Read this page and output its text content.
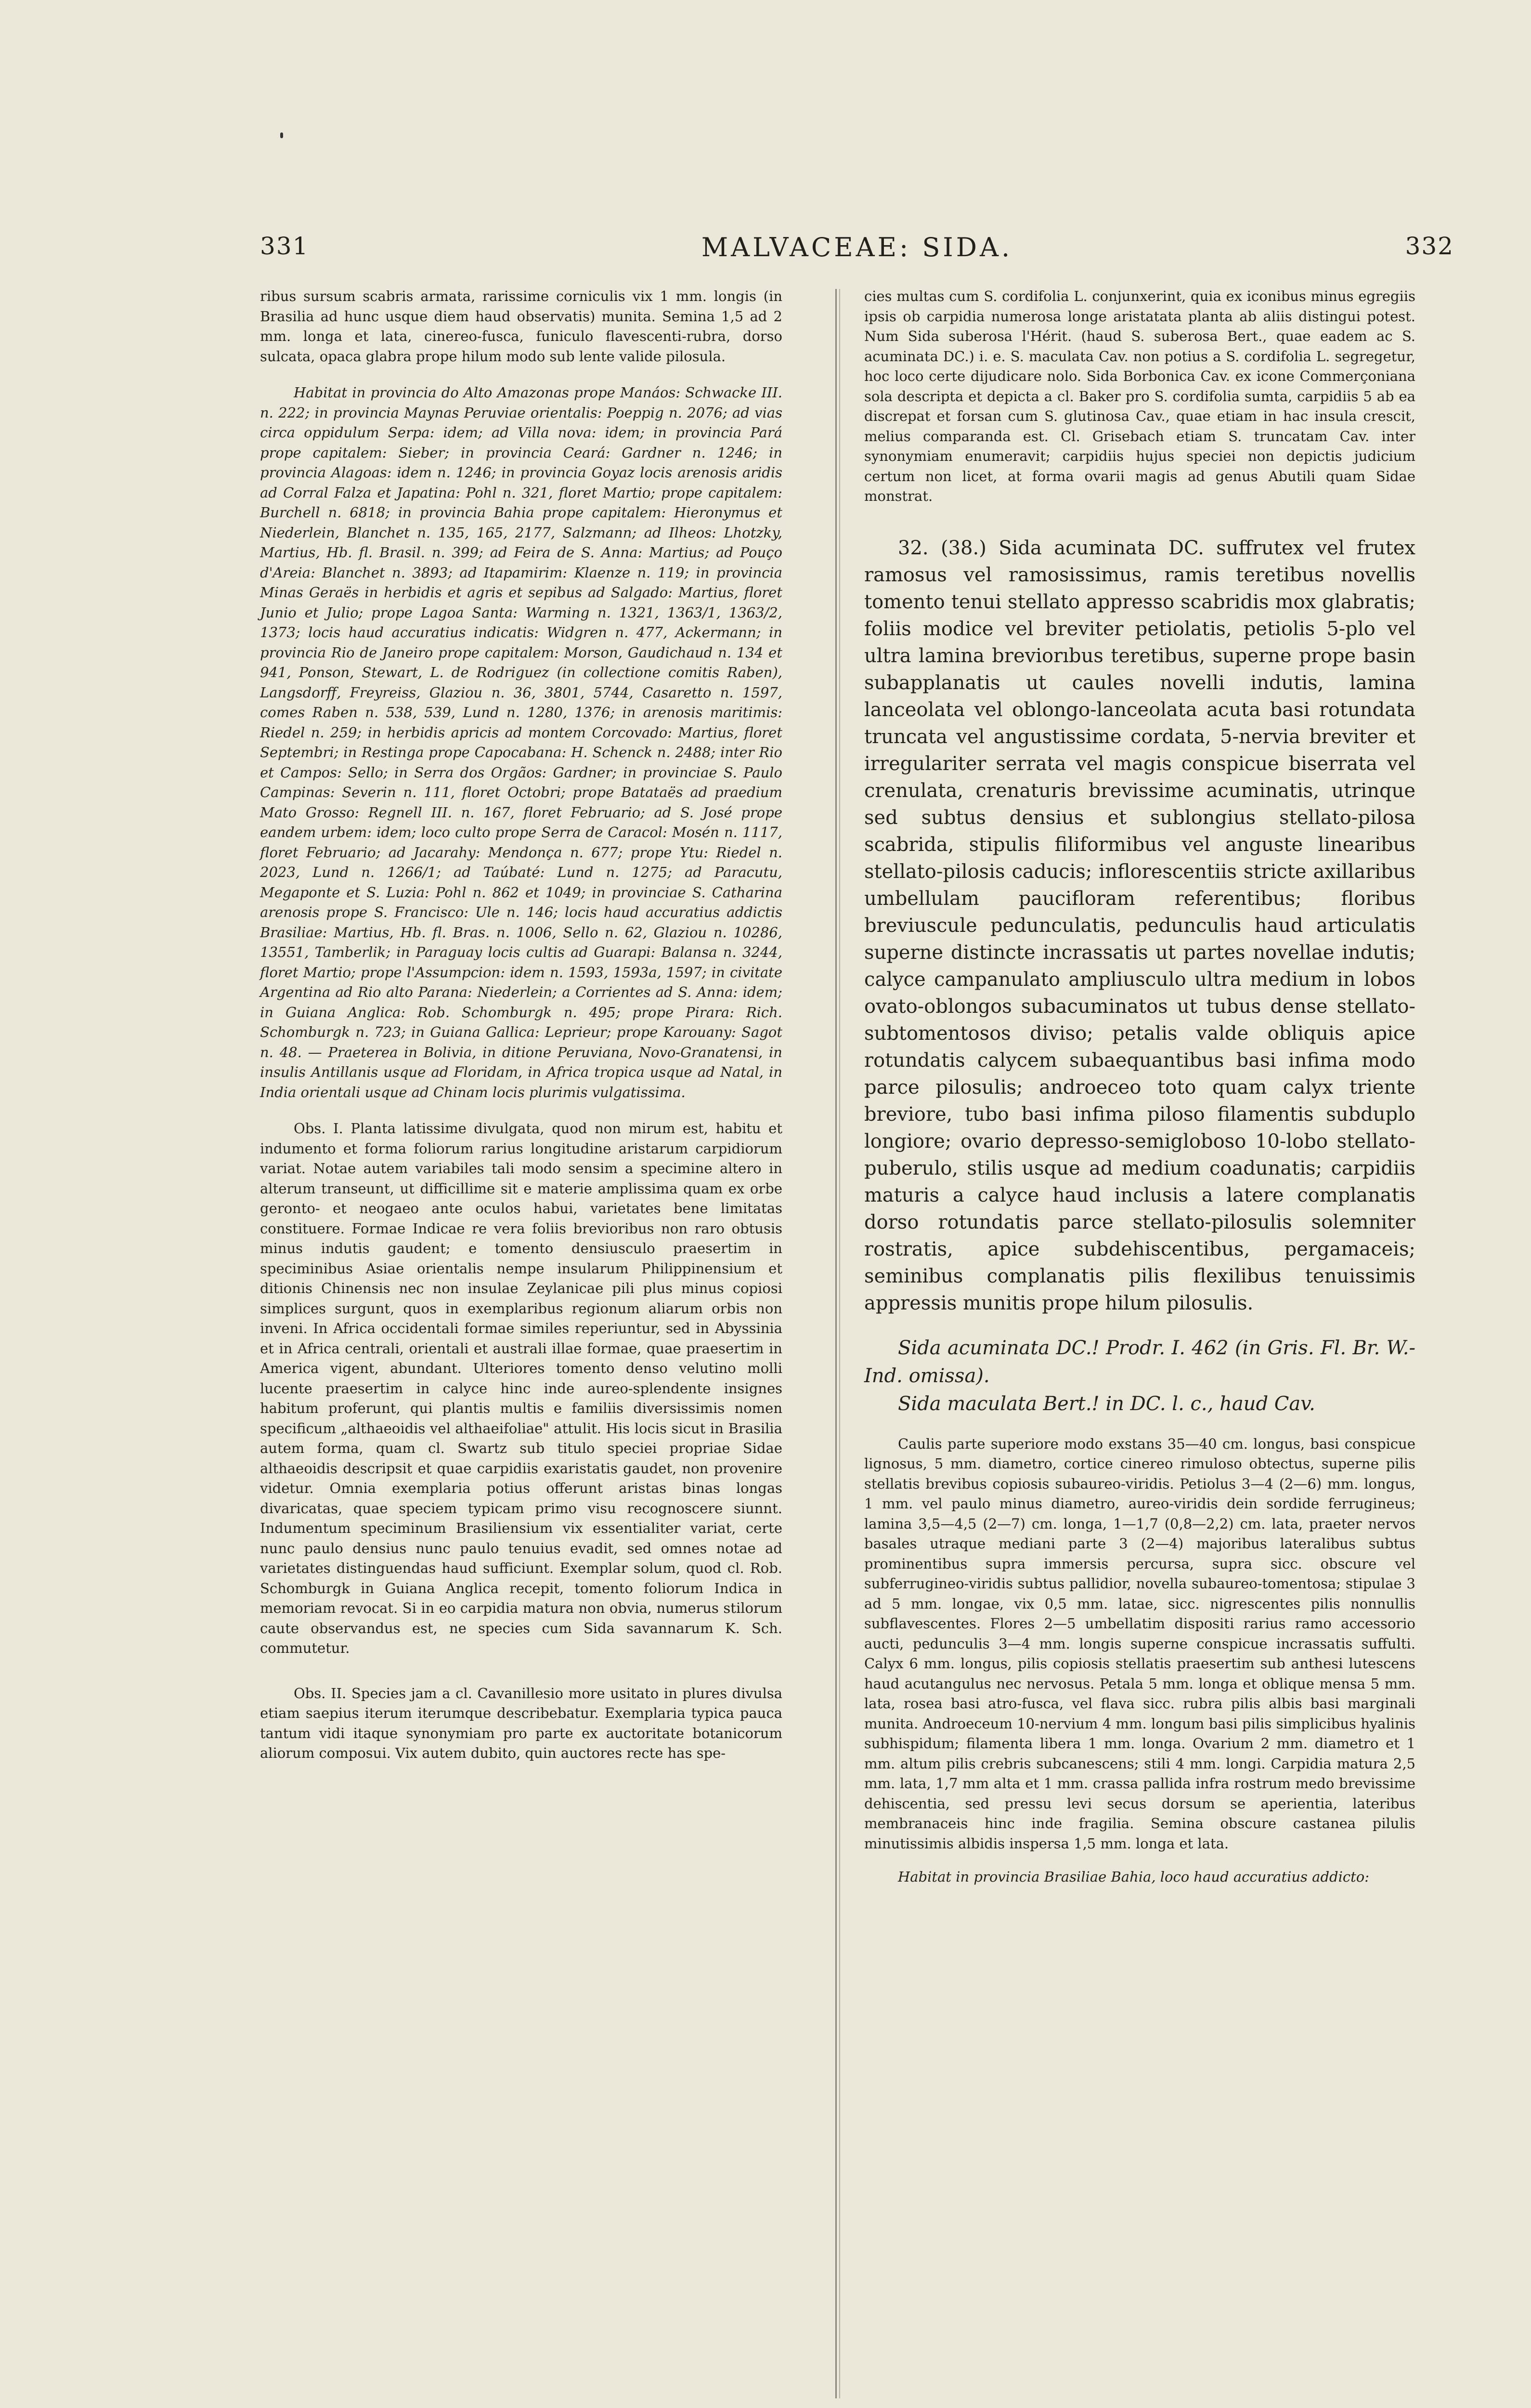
331	MALVACEAE: SIDA.	332

ribus sursum scabris armata, rarissime corniculis vix 1 mm. longis (in Brasilia ad hunc usque diem haud observatis) munita. Semina 1,5 ad 2 mm. longa et lata, cinereo-fusca, funiculo flavescenti-rubra, dorso sulcata, opaca glabra prope hilum modo sub lente valide pilosula.

Habitat in provincia do Alto Amazonas prope Manáos: Schwacke III. n. 222; in provincia Maynas Peruviae orientalis: Poeppig n. 2076; ad vias circa oppidulum Serpa: idem; ad Villa nova: idem; in provincia Pará prope capitalem: Sieber; in provincia Ceará: Gardner n. 1246; in provincia Alagoas: idem n. 1246; in provincia Goyaz locis arenosis aridis ad Corral Falza et Japatina: Pohl n. 321, floret Martio; prope capitalem: Burchell n. 6818; in provincia Bahia prope capitalem: Hieronymus et Niederlein, Blanchet n. 135, 165, 2177, Salzmann; ad Ilheos: Lhotzky, Martius, Hb. fl. Brasil. n. 399; ad Feira de S. Anna: Martius; ad Pouço d'Areia: Blanchet n. 3893; ad Itapamirim: Klaenze n. 119; in provincia Minas Geraës in herbidis et agris et sepibus ad Salgado: Martius, floret Junio et Julio; prope Lagoa Santa: Warming n. 1321, 1363/1, 1363/2, 1373; locis haud accuratius indicatis: Widgren n. 477, Ackermann; in provincia Rio de Janeiro prope capitalem: Morson, Gaudichaud n. 134 et 941, Ponson, Stewart, L. de Rodriguez (in collectione comitis Raben), Langsdorff, Freyreiss, Glaziou n. 36, 3801, 5744, Casaretto n. 1597, comes Raben n. 538, 539, Lund n. 1280, 1376; in arenosis maritimis: Riedel n. 259; in herbidis apricis ad montem Corcovado: Martius, floret Septembri; in Restinga prope Capocabana: H. Schenck n. 2488; inter Rio et Campos: Sello; in Serra dos Orgãos: Gardner; in provinciae S. Paulo Campinas: Severin n. 111, floret Octobri; prope Batataës ad praedium Mato Grosso: Regnell III. n. 167, floret Februario; ad S. José prope eandem urbem: idem; loco culto prope Serra de Caracol: Mosén n. 1117, floret Februario; ad Jacarahy: Mendonça n. 677; prope Ytu: Riedel n. 2023, Lund n. 1266/1; ad Taúbaté: Lund n. 1275; ad Paracutu, Megaponte et S. Luzia: Pohl n. 862 et 1049; in provinciae S. Catharina arenosis prope S. Francisco: Ule n. 146; locis haud accuratius addictis Brasiliae: Martius, Hb. fl. Bras. n. 1006, Sello n. 62, Glaziou n. 10286, 13551, Tamberlik; in Paraguay locis cultis ad Guarapi: Balansa n. 3244, floret Martio; prope l'Assumpcion: idem n. 1593, 1593a, 1597; in civitate Argentina ad Rio alto Parana: Niederlein; a Corrientes ad S. Anna: idem; in Guiana Anglica: Rob. Schomburgk n. 495; prope Pirara: Rich. Schomburgk n. 723; in Guiana Gallica: Leprieur; prope Karouany: Sagot n. 48. — Praeterea in Bolivia, in ditione Peruviana, Novo-Granatensi, in insulis Antillanis usque ad Floridam, in Africa tropica usque ad Natal, in India orientali usque ad Chinam locis plurimis vulgatissima.

Obs. I. Planta latissime divulgata, quod non mirum est, habitu et indumento et forma foliorum rarius longitudine aristarum carpidiorum variat. Notae autem variabiles tali modo sensim a specimine altero in alterum transeunt, ut difficillime sit e materie amplissima quam ex orbe geronto- et neogaeo ante oculos habui, varietates bene limitatas constituere. Formae Indicae re vera foliis brevioribus non raro obtusis minus indutis gaudent; e tomento densiusculo praesertim in speciminibus Asiae orientalis nempe insularum Philippinensium et ditionis Chinensis nec non insulae Zeylanicae pili plus minus copiosi simplices surgunt, quos in exemplaribus regionum aliarum orbis non inveni. In Africa occidentali formae similes reperiuntur, sed in Abyssinia et in Africa centrali, orientali et australi illae formae, quae praesertim in America vigent, abundant. Ulteriores tomento denso velutino molli lucente praesertim in calyce hinc inde aureo-splendente insignes habitum proferunt, qui plantis multis e familiis diversissimis nomen specificum „althaeoidis vel althaeifoliae" attulit. His locis sicut in Brasilia autem forma, quam cl. Swartz sub titulo speciei propriae Sidae althaeoidis descripsit et quae carpidiis exaristatis gaudet, non provenire videtur. Omnia exemplaria potius offerunt aristas binas longas divaricatas, quae speciem typicam primo visu recognoscere siunnt. Indumentum speciminum Brasiliensium vix essentialiter variat, certe nunc paulo densius nunc paulo tenuius evadit, sed omnes notae ad varietates distinguendas haud sufficiunt. Exemplar solum, quod cl. Rob. Schomburgk in Guiana Anglica recepit, tomento foliorum Indica in memoriam revocat. Si in eo carpidia matura non obvia, numerus stilorum caute observandus est, ne species cum Sida savannarum K. Sch. commutetur.

Obs. II. Species jam a cl. Cavanillesio more usitato in plures divulsa etiam saepius iterum iterumque describebatur. Exemplaria typica pauca tantum vidi itaque synonymiam pro parte ex auctoritate botanicorum aliorum composui. Vix autem dubito, quin auctores recte has spe-

cies multas cum S. cordifolia L. conjunxerint, quia ex iconibus minus egregiis ipsis ob carpidia numerosa longe aristatata planta ab aliis distingui potest. Num Sida suberosa l'Hérit. (haud S. suberosa Bert., quae eadem ac S. acuminata DC.) i. e. S. maculata Cav. non potius a S. cordifolia L. segregetur, hoc loco certe dijudicare nolo. Sida Borbonica Cav. ex icone Commerçoniana sola descripta et depicta a cl. Baker pro S. cordifolia sumta, carpidiis 5 ab ea discrepat et forsan cum S. glutinosa Cav., quae etiam in hac insula crescit, melius comparanda est. Cl. Grisebach etiam S. truncatam Cav. inter synonymiam enumeravit; carpidiis hujus speciei non depictis judicium certum non licet, at forma ovarii magis ad genus Abutili quam Sidae monstrat.

32. (38.) Sida acuminata DC. suffrutex vel frutex ramosus vel ramosissimus, ramis teretibus novellis tomento tenui stellato appresso scabridis mox glabratis; foliis modice vel breviter petiolatis, petiolis 5-plo vel ultra lamina breviorıbus teretibus, superne prope basin subapplanatis ut caules novelli indutis, lamina lanceolata vel oblongo-lanceolata acuta basi rotundata truncata vel angustissime cordata, 5-nervia breviter et irregulariter serrata vel magis conspicue biserrata vel crenulata, crenaturis brevissime acuminatis, utrinque sed subtus densius et sublongius stellato-pilosa scabrida, stipulis filiformibus vel anguste linearibus stellato-pilosis caducis; inflorescentiis stricte axillaribus umbellulam paucifloram referentibus; floribus breviuscule pedunculatis, pedunculis haud articulatis superne distincte incrassatis ut partes novellae indutis; calyce campanulato ampliusculo ultra medium in lobos ovato-oblongos subacuminatos ut tubus dense stellato-subtomentosos diviso; petalis valde obliquis apice rotundatis calycem subaequantibus basi infima modo parce pilosulis; androeceo toto quam calyx triente breviore, tubo basi infima piloso filamentis subduplo longiore; ovario depresso-semigloboso 10-lobo stellato-puberulo, stilis usque ad medium coadunatis; carpidiis maturis a calyce haud inclusis a latere complanatis dorso rotundatis parce stellato-pilosulis solemniter rostratis, apice subdehiscentibus, pergamaceis; seminibus complanatis pilis flexilibus tenuissimis appressis munitis prope hilum pilosulis.

Sida acuminata DC.! Prodr. I. 462 (in Gris. Fl. Br. W.-Ind. omissa).

Sida maculata Bert.! in DC. l. c., haud Cav.

Caulis parte superiore modo exstans 35—40 cm. longus, basi conspicue lignosus, 5 mm. diametro, cortice cinereo rimuloso obtectus, superne pilis stellatis brevibus copiosis subaureo-viridis. Petiolus 3—4 (2—6) mm. longus, 1 mm. vel paulo minus diametro, aureo-viridis dein sordide ferrugineus; lamina 3,5—4,5 (2—7) cm. longa, 1—1,7 (0,8—2,2) cm. lata, praeter nervos basales utraque mediani parte 3 (2—4) majoribus lateralibus subtus prominentibus supra immersis percursa, supra sicc. obscure vel subferrugineo-viridis subtus pallidior, novella subaureo-tomentosa; stipulae 3 ad 5 mm. longae, vix 0,5 mm. latae, sicc. nigrescentes pilis nonnullis subflavescentes. Flores 2—5 umbellatim dispositi rarius ramo accessorio aucti, pedunculis 3—4 mm. longis superne conspicue incrassatis suffulti. Calyx 6 mm. longus, pilis copiosis stellatis praesertim sub anthesi lutescens haud acutangulus nec nervosus. Petala 5 mm. longa et oblique mensa 5 mm. lata, rosea basi atro-fusca, vel flava sicc. rubra pilis albis basi marginali munita. Androeceum 10-nervium 4 mm. longum basi pilis simplicibus hyalinis subhispidum; filamenta libera 1 mm. longa. Ovarium 2 mm. diametro et 1 mm. altum pilis crebris subcanescens; stili 4 mm. longi. Carpidia matura 2,5 mm. lata, 1,7 mm alta et 1 mm. crassa pallida infra rostrum medo brevissime dehiscentia, sed pressu levi secus dorsum se aperientia, lateribus membranaceis hinc inde fragilia. Semina obscure castanea pilulis minutissimis albidis inspersa 1,5 mm. longa et lata.

Habitat in provincia Brasiliae Bahia, loco haud accuratius addicto:
